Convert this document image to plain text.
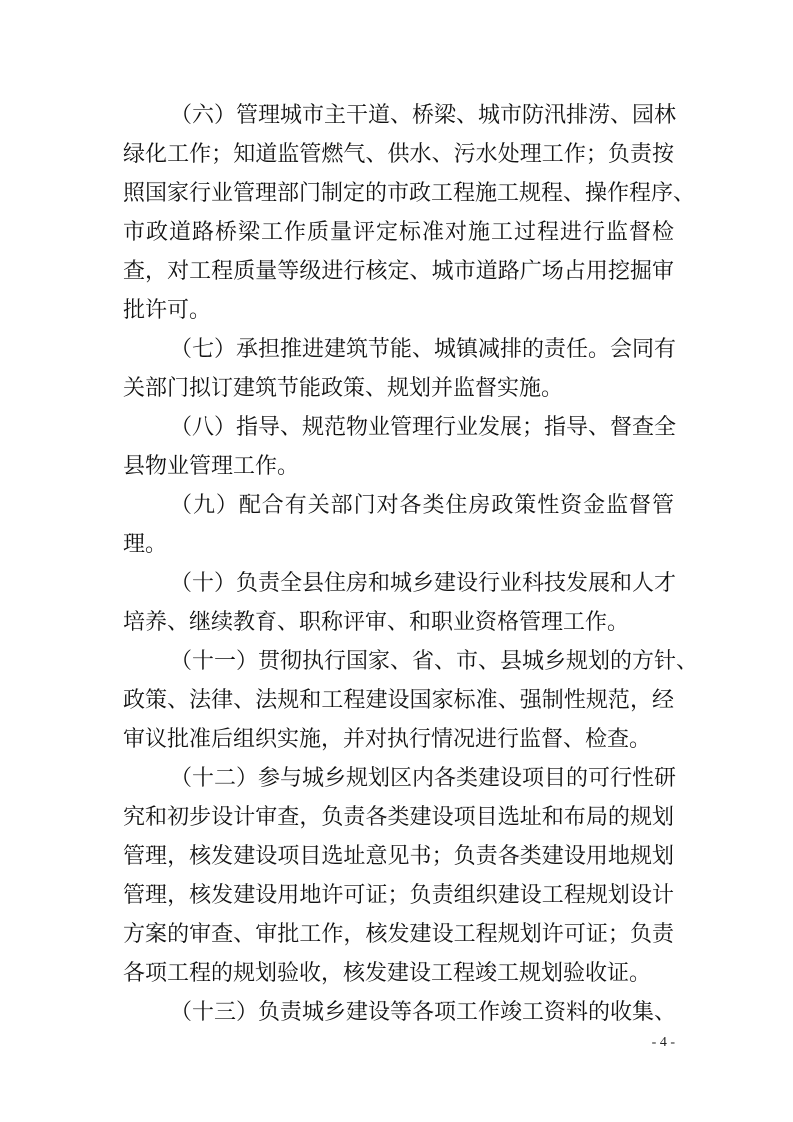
（六）管理城市主干道、桥梁、城市防汛排涝、园林
绿化工作；知道监管燃气、供水、污水处理工作；负责按
照国家行业管理部门制定的市政工程施工规程、操作程序、
市政道路桥梁工作质量评定标准对施工过程进行监督检
查，对工程质量等级进行核定、城市道路广场占用挖掘审
批许可。
（七）承担推进建筑节能、城镇减排的责任。会同有
关部门拟订建筑节能政策、规划并监督实施。
（八）指导、规范物业管理行业发展；指导、督查全
县物业管理工作。
（九）配合有关部门对各类住房政策性资金监督管
理。
（十）负责全县住房和城乡建设行业科技发展和人才
培养、继续教育、职称评审、和职业资格管理工作。
（十一）贯彻执行国家、省、市、县城乡规划的方针、
政策、法律、法规和工程建设国家标准、强制性规范，经
审议批准后组织实施，并对执行情况进行监督、检查。
（十二）参与城乡规划区内各类建设项目的可行性研
究和初步设计审查，负责各类建设项目选址和布局的规划
管理，核发建设项目选址意见书；负责各类建设用地规划
管理，核发建设用地许可证；负责组织建设工程规划设计
方案的审查、审批工作，核发建设工程规划许可证；负责
各项工程的规划验收，核发建设工程竣工规划验收证。
（十三）负责城乡建设等各项工作竣工资料的收集、
- 4 -
